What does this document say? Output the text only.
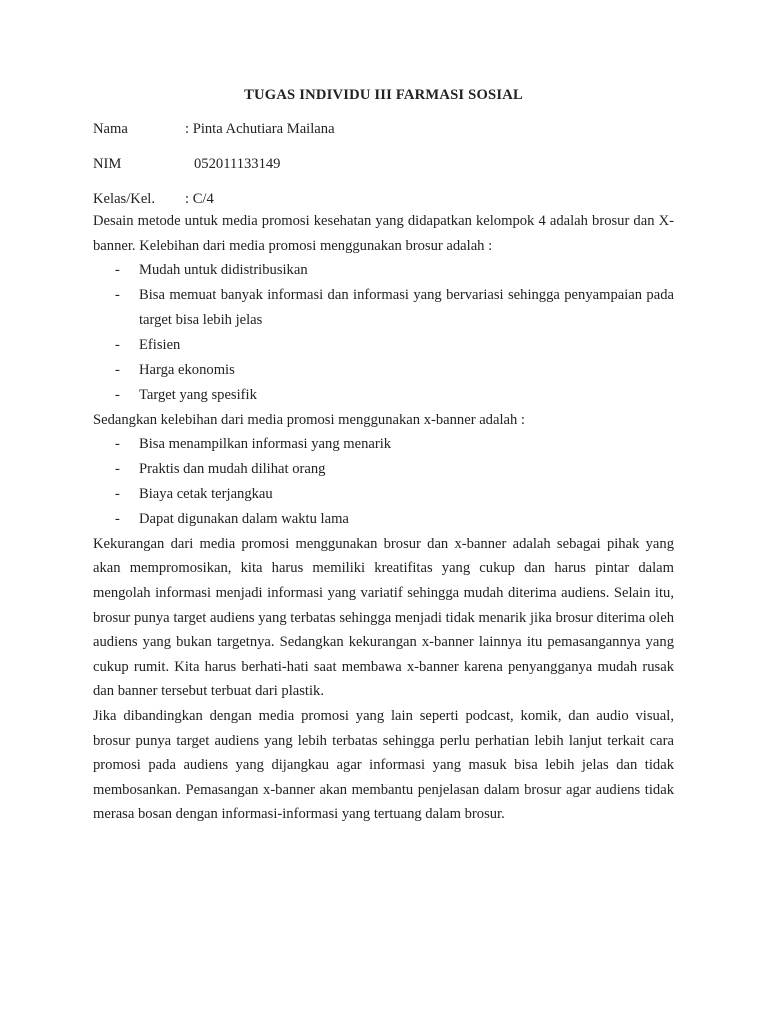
TUGAS INDIVIDU III FARMASI SOSIAL
Nama	: Pinta Achutiara Mailana
NIM	052011133149
Kelas/Kel. : C/4

Desain metode untuk media promosi kesehatan yang didapatkan kelompok 4 adalah brosur dan X-banner. Kelebihan dari media promosi menggunakan brosur adalah :

- Mudah untuk didistribusikan
- Bisa memuat banyak informasi dan informasi yang bervariasi sehingga penyampaian pada target bisa lebih jelas
- Efisien
- Harga ekonomis
- Target yang spesifik

Sedangkan kelebihan dari media promosi menggunakan x-banner adalah :

- Bisa menampilkan informasi yang menarik
- Praktis dan mudah dilihat orang
- Biaya cetak terjangkau
- Dapat digunakan dalam waktu lama

Kekurangan dari media promosi menggunakan brosur dan x-banner adalah sebagai pihak yang akan mempromosikan, kita harus memiliki kreatifitas yang cukup dan harus pintar dalam mengolah informasi menjadi informasi yang variatif sehingga mudah diterima audiens. Selain itu, brosur punya target audiens yang terbatas sehingga menjadi tidak menarik jika brosur diterima oleh audiens yang bukan targetnya. Sedangkan kekurangan x-banner lainnya itu pemasangannya yang cukup rumit. Kita harus berhati-hati saat membawa x-banner karena penyangganya mudah rusak dan banner tersebut terbuat dari plastik.

Jika dibandingkan dengan media promosi yang lain seperti podcast, komik, dan audio visual, brosur punya target audiens yang lebih terbatas sehingga perlu perhatian lebih lanjut terkait cara promosi pada audiens yang dijangkau agar informasi yang masuk bisa lebih jelas dan tidak membosankan. Pemasangan x-banner akan membantu penjelasan dalam brosur agar audiens tidak merasa bosan dengan informasi-informasi yang tertuang dalam brosur.
